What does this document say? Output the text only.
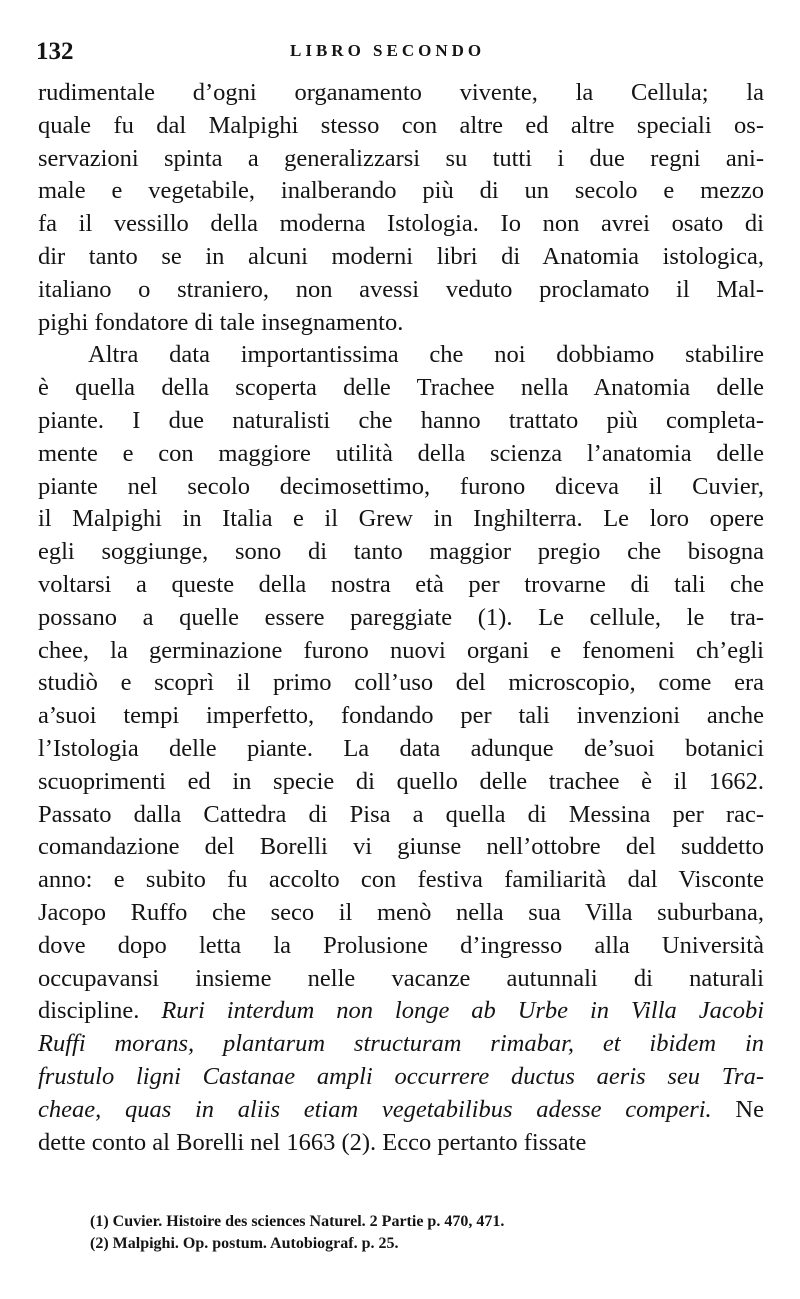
132	LIBRO SECONDO
rudimentale d’ogni organamento vivente, la Cellula; la
quale fu dal Malpighi stesso con altre ed altre speciali os-
servazioni spinta a generalizzarsi su tutti i due regni ani-
male e vegetabile, inalberando più di un secolo e mezzo
fa il vessillo della moderna Istologia. Io non avrei osato di
dir tanto se in alcuni moderni libri di Anatomia istologica,
italiano o straniero, non avessi veduto proclamato il Mal-
pighi fondatore di tale insegnamento.
Altra data importantissima che noi dobbiamo stabilire
è quella della scoperta delle Trachee nella Anatomia delle
piante. I due naturalisti che hanno trattato più completa-
mente e con maggiore utilità della scienza l’anatomia delle
piante nel secolo decimosettimo, furono diceva il Cuvier,
il Malpighi in Italia e il Grew in Inghilterra. Le loro opere
egli soggiunge, sono di tanto maggior pregio che bisogna
voltarsi a queste della nostra età per trovarne di tali che
possano a quelle essere pareggiate (1). Le cellule, le tra-
chee, la germinazione furono nuovi organi e fenomeni ch’egli
studiò e scoprì il primo coll’uso del microscopio, come era
a’suoi tempi imperfetto, fondando per tali invenzioni anche
l’Istologia delle piante. La data adunque de’suoi botanici
scuoprimenti ed in specie di quello delle trachee è il 1662.
Passato dalla Cattedra di Pisa a quella di Messina per rac-
comandazione del Borelli vi giunse nell’ottobre del suddetto
anno: e subito fu accolto con festiva familiarità dal Visconte
Jacopo Ruffo che seco il menò nella sua Villa suburbana,
dove dopo letta la Prolusione d’ingresso alla Università
occupavansi insieme nelle vacanze autunnali di naturali
discipline. Ruri interdum non longe ab Urbe in Villa Jacobi
Ruffi morans, plantarum structuram rimabar, et ibidem in
frustulo ligni Castanae ampli occurrere ductus aeris seu Tra-
cheae, quas in aliis etiam vegetabilibus adesse comperi. Ne
dette conto al Borelli nel 1663 (2). Ecco pertanto fissate
(1) Cuvier. Histoire des sciences Naturel. 2 Partie p. 470, 471.
(2) Malpighi. Op. postum. Autobiograf. p. 25.
